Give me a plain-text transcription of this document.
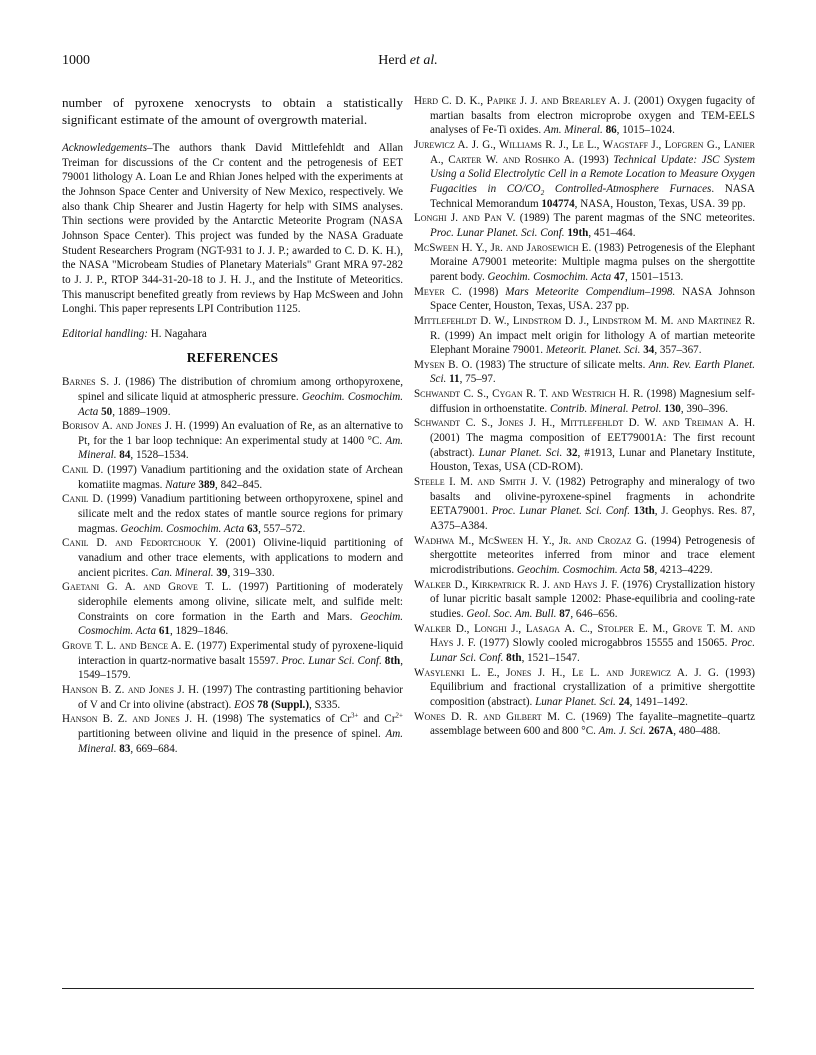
1000	Herd et al.

number of pyroxene xenocrysts to obtain a statistically significant estimate of the amount of overgrowth material.

Acknowledgements–The authors thank David Mittlefehldt and Allan Treiman for discussions of the Cr content and the petrogenesis of EET 79001 lithology A. Loan Le and Rhian Jones helped with the experiments at the Johnson Space Center and University of New Mexico, respectively. We also thank Chip Shearer and Justin Hagerty for help with SIMS analyses. Thin sections were provided by the Antarctic Meteorite Program (NASA Johnson Space Center). This project was funded by the NASA Graduate Student Researchers Program (NGT-931 to J. J. P.; awarded to C. D. K. H.), the NASA "Microbeam Studies of Planetary Materials" Grant MRA 97-282 to J. J. P., RTOP 344-31-20-18 to J. H. J., and the Institute of Meteoritics. This manuscript benefited greatly from reviews by Hap McSween and John Longhi. This paper represents LPI Contribution 1125.

Editorial handling: H. Nagahara

REFERENCES

Barnes S. J. (1986) The distribution of chromium among orthopyroxene, spinel and silicate liquid at atmospheric pressure. Geochim. Cosmochim. Acta 50, 1889–1909.

Borisov A. and Jones J. H. (1999) An evaluation of Re, as an alternative to Pt, for the 1 bar loop technique: An experimental study at 1400 °C. Am. Mineral. 84, 1528–1534.

Canil D. (1997) Vanadium partitioning and the oxidation state of Archean komatiite magmas. Nature 389, 842–845.

Canil D. (1999) Vanadium partitioning between orthopyroxene, spinel and silicate melt and the redox states of mantle source regions for primary magmas. Geochim. Cosmochim. Acta 63, 557–572.

Canil D. and Fedortchouk Y. (2001) Olivine-liquid partitioning of vanadium and other trace elements, with applications to modern and ancient picrites. Can. Mineral. 39, 319–330.

Gaetani G. A. and Grove T. L. (1997) Partitioning of moderately siderophile elements among olivine, silicate melt, and sulfide melt: Constraints on core formation in the Earth and Mars. Geochim. Cosmochim. Acta 61, 1829–1846.

Grove T. L. and Bence A. E. (1977) Experimental study of pyroxene-liquid interaction in quartz-normative basalt 15597. Proc. Lunar Sci. Conf. 8th, 1549–1579.

Hanson B. Z. and Jones J. H. (1997) The contrasting partitioning behavior of V and Cr into olivine (abstract). EOS 78 (Suppl.), S335.

Hanson B. Z. and Jones J. H. (1998) The systematics of $Cr^{3+}$ and $Cr^{2+}$ partitioning between olivine and liquid in the presence of spinel. Am. Mineral. 83, 669–684.

Herd C. D. K., Papike J. J. and Brearley A. J. (2001) Oxygen fugacity of martian basalts from electron microprobe oxygen and TEM-EELS analyses of Fe-Ti oxides. Am. Mineral. 86, 1015–1024.

Jurewicz A. J. G., Williams R. J., Le L., Wagstaff J., Lofgren G., Lanier A., Carter W. and Roshko A. (1993) Technical Update: JSC System Using a Solid Electrolytic Cell in a Remote Location to Measure Oxygen Fugacities in $CO/CO_2$ Controlled-Atmosphere Furnaces. NASA Technical Memorandum 104774, NASA, Houston, Texas, USA. 39 pp.

Longhi J. and Pan V. (1989) The parent magmas of the SNC meteorites. Proc. Lunar Planet. Sci. Conf. 19th, 451–464.

McSween H. Y., Jr. and Jarosewich E. (1983) Petrogenesis of the Elephant Moraine A79001 meteorite: Multiple magma pulses on the shergottite parent body. Geochim. Cosmochim. Acta 47, 1501–1513.

Meyer C. (1998) Mars Meteorite Compendium–1998. NASA Johnson Space Center, Houston, Texas, USA. 237 pp.

Mittlefehldt D. W., Lindstrom D. J., Lindstrom M. M. and Martinez R. R. (1999) An impact melt origin for lithology A of martian meteorite Elephant Moraine 79001. Meteorit. Planet. Sci. 34, 357–367.

Mysen B. O. (1983) The structure of silicate melts. Ann. Rev. Earth Planet. Sci. 11, 75–97.

Schwandt C. S., Cygan R. T. and Westrich H. R. (1998) Magnesium self-diffusion in orthoenstatite. Contrib. Mineral. Petrol. 130, 390–396.

Schwandt C. S., Jones J. H., Mittlefehldt D. W. and Treiman A. H. (2001) The magma composition of EET79001A: The first recount (abstract). Lunar Planet. Sci. 32, #1913, Lunar and Planetary Institute, Houston, Texas, USA (CD-ROM).

Steele I. M. and Smith J. V. (1982) Petrography and mineralogy of two basalts and olivine-pyroxene-spinel fragments in achondrite EETA79001. Proc. Lunar Planet. Sci. Conf. 13th, J. Geophys. Res. 87, A375–A384.

Wadhwa M., McSween H. Y., Jr. and Crozaz G. (1994) Petrogenesis of shergottite meteorites inferred from minor and trace element microdistributions. Geochim. Cosmochim. Acta 58, 4213–4229.

Walker D., Kirkpatrick R. J. and Hays J. F. (1976) Crystallization history of lunar picritic basalt sample 12002: Phase-equilibria and cooling-rate studies. Geol. Soc. Am. Bull. 87, 646–656.

Walker D., Longhi J., Lasaga A. C., Stolper E. M., Grove T. M. and Hays J. F. (1977) Slowly cooled microgabbros 15555 and 15065. Proc. Lunar Sci. Conf. 8th, 1521–1547.

Wasylenki L. E., Jones J. H., Le L. and Jurewicz A. J. G. (1993) Equilibrium and fractional crystallization of a primitive shergottite composition (abstract). Lunar Planet. Sci. 24, 1491–1492.

Wones D. R. and Gilbert M. C. (1969) The fayalite–magnetite–quartz assemblage between 600 and 800 °C. Am. J. Sci. 267A, 480–488.
